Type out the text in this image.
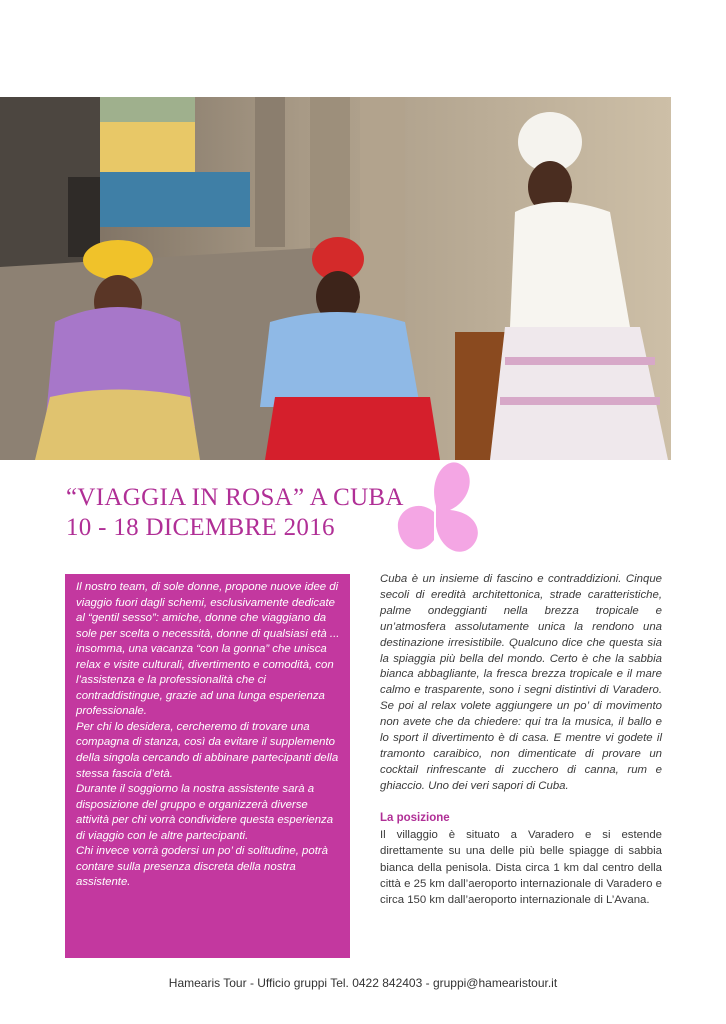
“VIAGGIA IN ROSA” A CUBA
10 - 18 DICEMBRE 2016

Il nostro team, di sole donne, propone nuove idee di viaggio fuori dagli schemi, esclusivamente dedicate al “gentil sesso”: amiche, donne che viaggiano da sole per scelta o necessità, donne di qualsiasi età ... insomma, una vacanza “con la gonna” che unisca relax e visite culturali, divertimento e comodità, con l’assistenza e la professionalità che ci contraddistingue, grazie ad una lunga esperienza professionale.

Per chi lo desidera, cercheremo di trovare una compagna di stanza, così da evitare il supplemento della singola cercando di abbinare partecipanti della stessa fascia d’età.

Durante il soggiorno la nostra assistente sarà a disposizione del gruppo e organizzerà diverse attività per chi vorrà condividere questa esperienza di viaggio con le altre partecipanti.

Chi invece vorrà godersi un po’ di solitudine, potrà contare sulla presenza discreta della nostra assistente.

Cuba è un insieme di fascino e contraddizioni. Cinque secoli di eredità architettonica, strade caratteristiche, palme ondeggianti nella brezza tropicale e un’atmosfera assolutamente unica la rendono una destinazione irresistibile. Qualcuno dice che questa sia la spiaggia più bella del mondo. Certo è che la sabbia bianca abbagliante, la fresca brezza tropicale e il mare calmo e trasparente, sono i segni distintivi di Varadero. Se poi al relax volete aggiungere un po’ di movimento non avete che da chiedere: qui tra la musica, il ballo e lo sport il divertimento è di casa. E mentre vi godete il tramonto caraibico, non dimenticate di provare un cocktail rinfrescante di zucchero di canna, rum e ghiaccio. Uno dei veri sapori di Cuba.

La posizione

Il villaggio è situato a Varadero e si estende direttamente su una delle più belle spiagge di sabbia bianca della penisola. Dista circa 1 km dal centro della città e 25 km dall’aeroporto internazionale di Varadero e circa 150 km dall’aeroporto internazionale di L’Avana.

Hamearis Tour - Ufficio gruppi Tel. 0422 842403 - gruppi@hamearistour.it
